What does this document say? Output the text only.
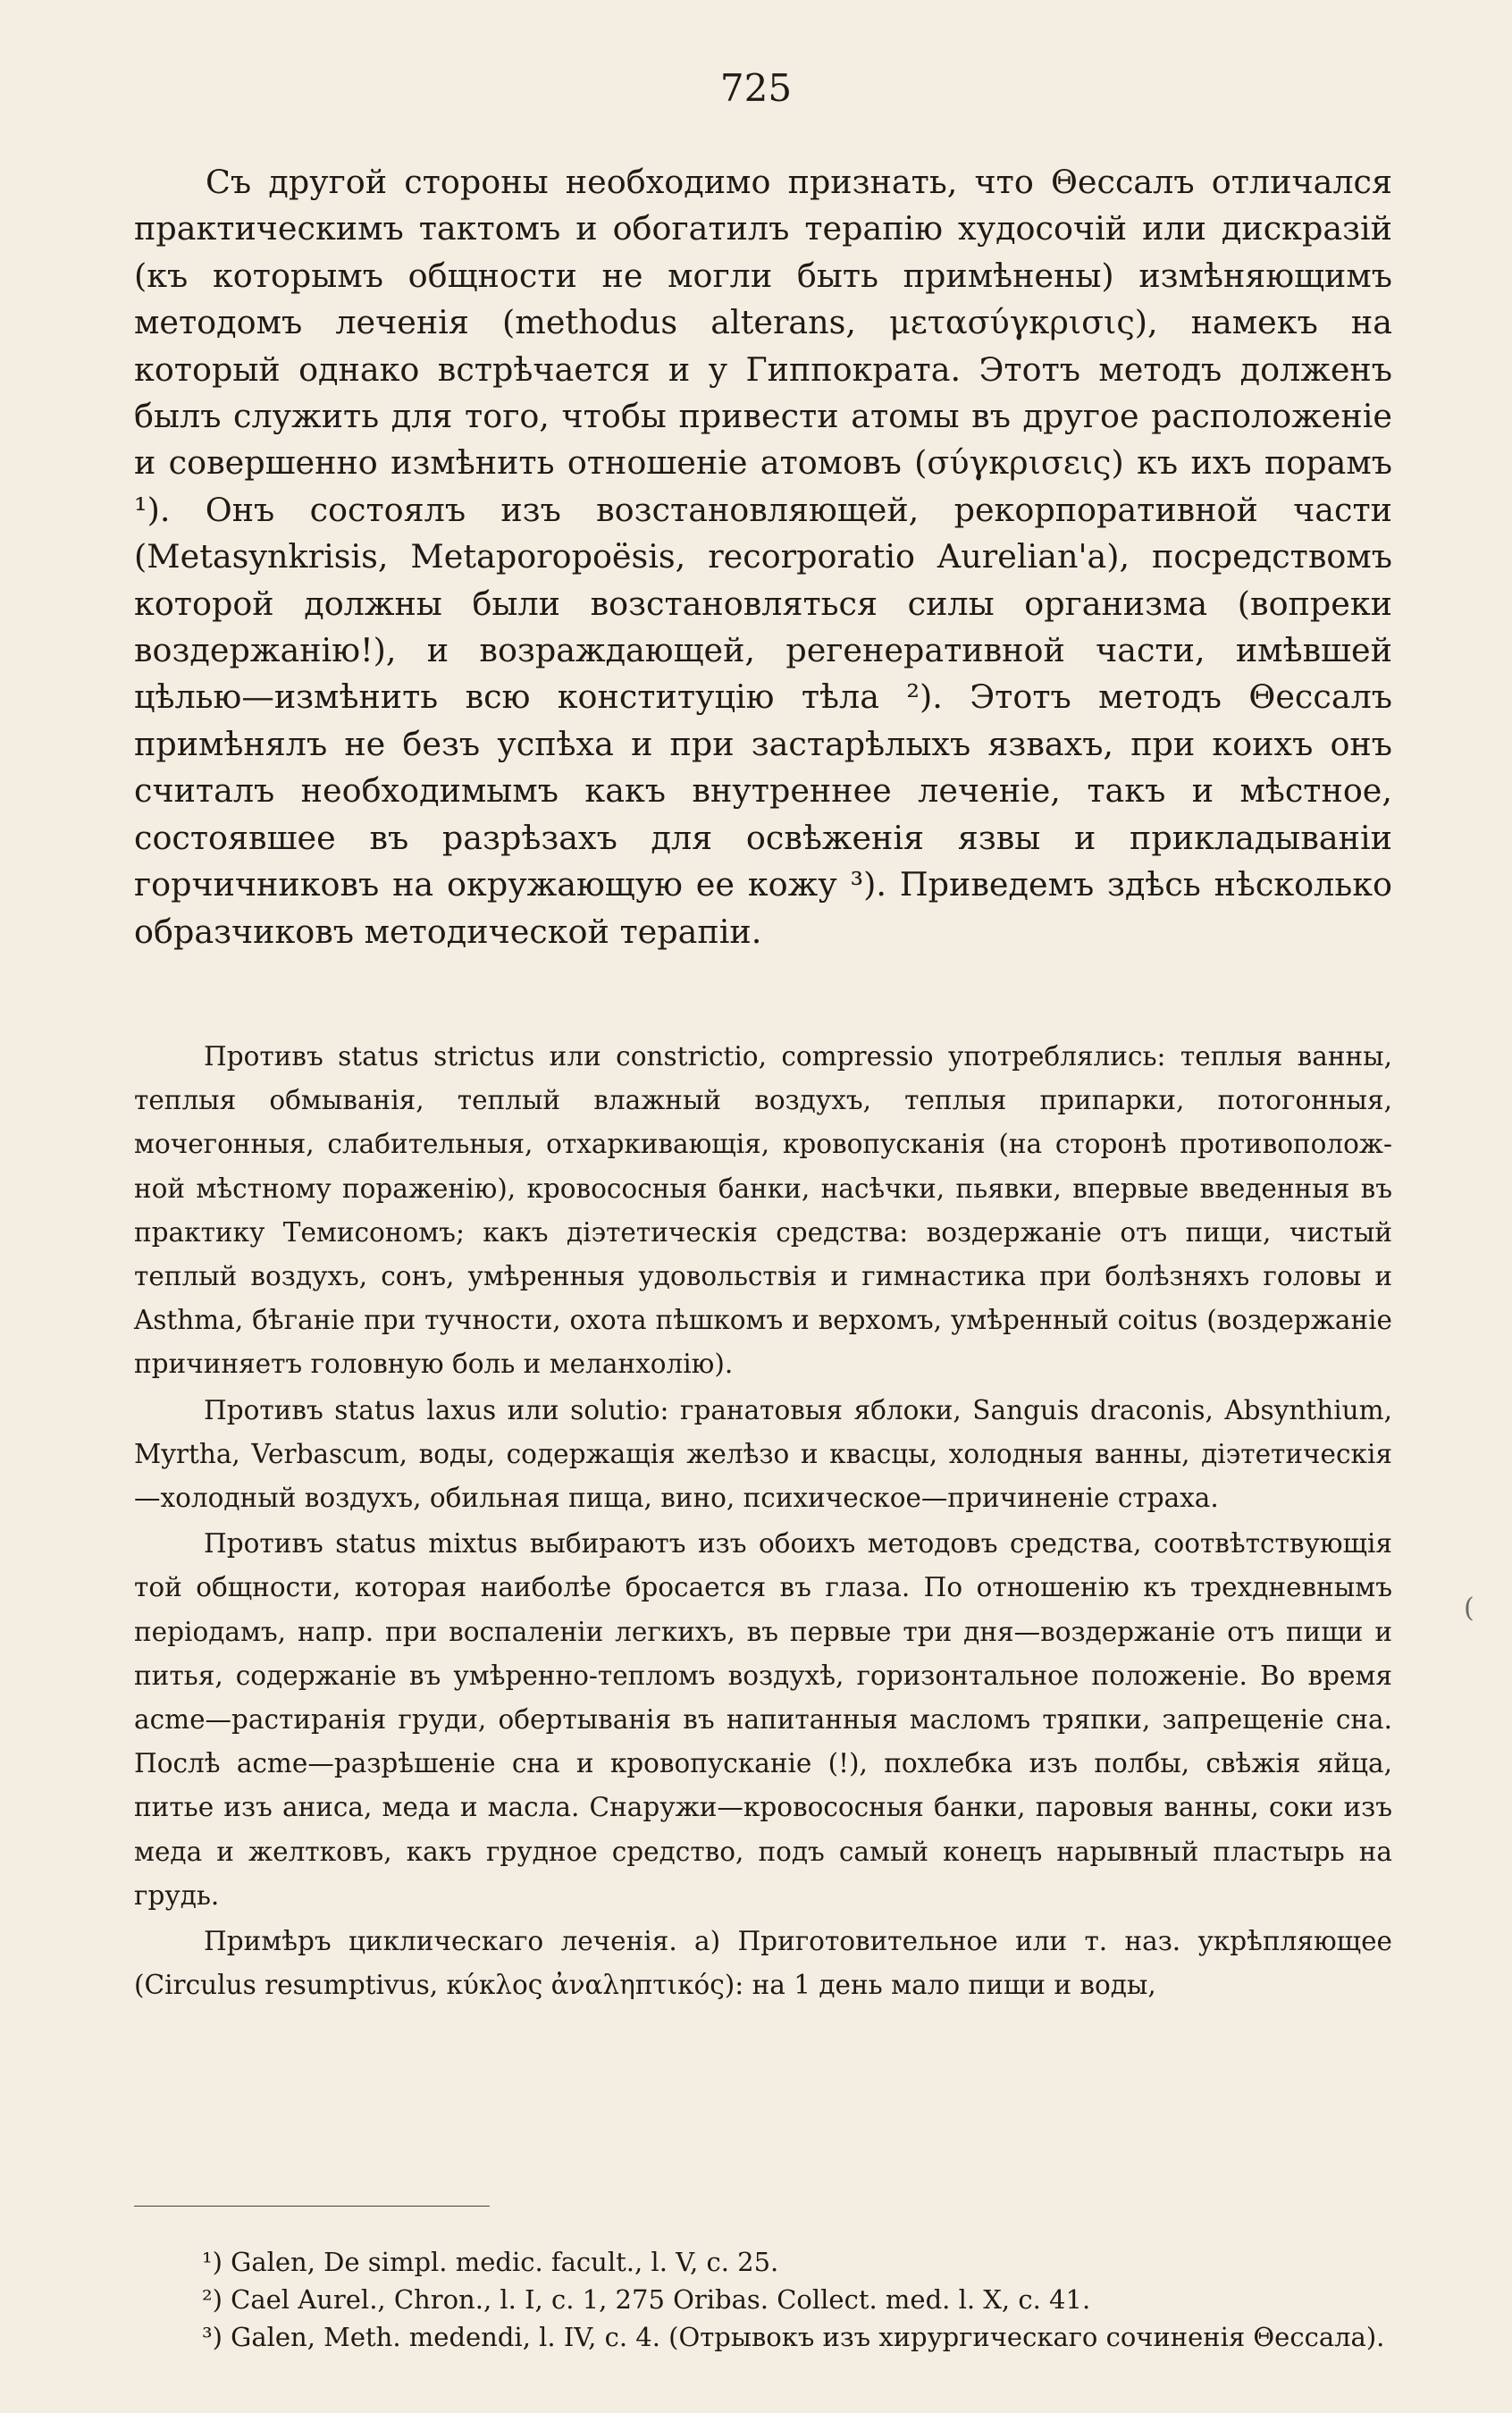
725

Съ другой стороны необходимо признать, что Θессалъ отличался практическимъ тактомъ и обогатилъ терапію худосочій или дискразій (къ которымъ общности не могли быть примѣнены) измѣняющимъ методомъ леченія (methodus alterans, μετασύγκρισις), намекъ на который однако встрѣчается и у Гиппократа. Этотъ методъ долженъ былъ служить для того, чтобы привести атомы въ другое расположеніе и совершенно измѣнить отношеніе атомовъ (σύγκρισεις) къ ихъ порамъ ¹). Онъ состоялъ изъ возстановляющей, рекорпоративной части (Metasynkrisis, Metaporopoësis, recorporatio Aurelian'a), посредствомъ которой должны были возстановляться силы организма (вопреки воздержанію!), и возраждающей, регенеративной части, имѣвшей цѣлью—измѣнить всю конституцію тѣла ²). Этотъ методъ Θессалъ примѣнялъ не безъ успѣха и при застарѣлыхъ язвахъ, при коихъ онъ считалъ необходимымъ какъ внутреннее леченіе, такъ и мѣстное, состоявшее въ разрѣзахъ для освѣженія язвы и прикладываніи горчичниковъ на окружающую ее кожу ³). Приведемъ здѣсь нѣсколько образчиковъ методической терапіи.

Противъ status strictus или constrictio, compressio употреблялись: теплыя ванны, теплыя обмыванія, теплый влажный воздухъ, теплыя припарки, потогонныя, мочегонныя, слабительныя, отхаркивающія, кровопусканія (на сторонѣ противоположной мѣстному пораженію), кровососныя банки, насѣчки, пьявки, впервые введенныя въ практику Темисономъ; какъ діэтетическія средства: воздержаніе отъ пищи, чистый теплый воздухъ, сонъ, умѣренныя удовольствія и гимнастика при болѣзняхъ головы и Asthma, бѣганіе при тучности, охота пѣшкомъ и верхомъ, умѣренный coitus (воздержаніе причиняетъ головную боль и меланхолію).

Противъ status laxus или solutio: гранатовыя яблоки, Sanguis draconis, Absynthium, Myrtha, Verbascum, воды, содержащія желѣзо и квасцы, холодныя ванны, діэтетическія—холодный воздухъ, обильная пища, вино, психическое—причиненіе страха.

Противъ status mixtus выбираютъ изъ обоихъ методовъ средства, соотвѣтствующія той общности, которая наиболѣе бросается въ глаза. По отношенію къ трехдневнымъ періодамъ, напр. при воспаленіи легкихъ, въ первые три дня—воздержаніе отъ пищи и питья, содержаніе въ умѣренно-тепломъ воздухѣ, горизонтальное положеніе. Во время acme—растиранія груди, обертыванія въ напитанныя масломъ тряпки, запрещеніе сна. Послѣ acme—разрѣшеніе сна и кровопусканіе (!), похлебка изъ полбы, свѣжія яйца, питье изъ аниса, меда и масла. Снаружи—кровососныя банки, паровыя ванны, соки изъ меда и желтковъ, какъ грудное средство, подъ самый конецъ нарывный пластырь на грудь.

Примѣръ циклическаго леченія. а) Приготовительное или т. наз. укрѣпляющее (Circulus resumptivus, κύκλος ἀναληπτικός): на 1 день мало пищи и воды,

¹) Galen, De simpl. medic. facult., l. V, c. 25.

²) Cael Aurel., Chron., l. I, c. 1, 275 Oribas. Collect. med. l. X, c. 41.

³) Galen, Meth. medendi, l. IV, c. 4. (Отрывокъ изъ хирургическаго сочиненія Θессала).

(
